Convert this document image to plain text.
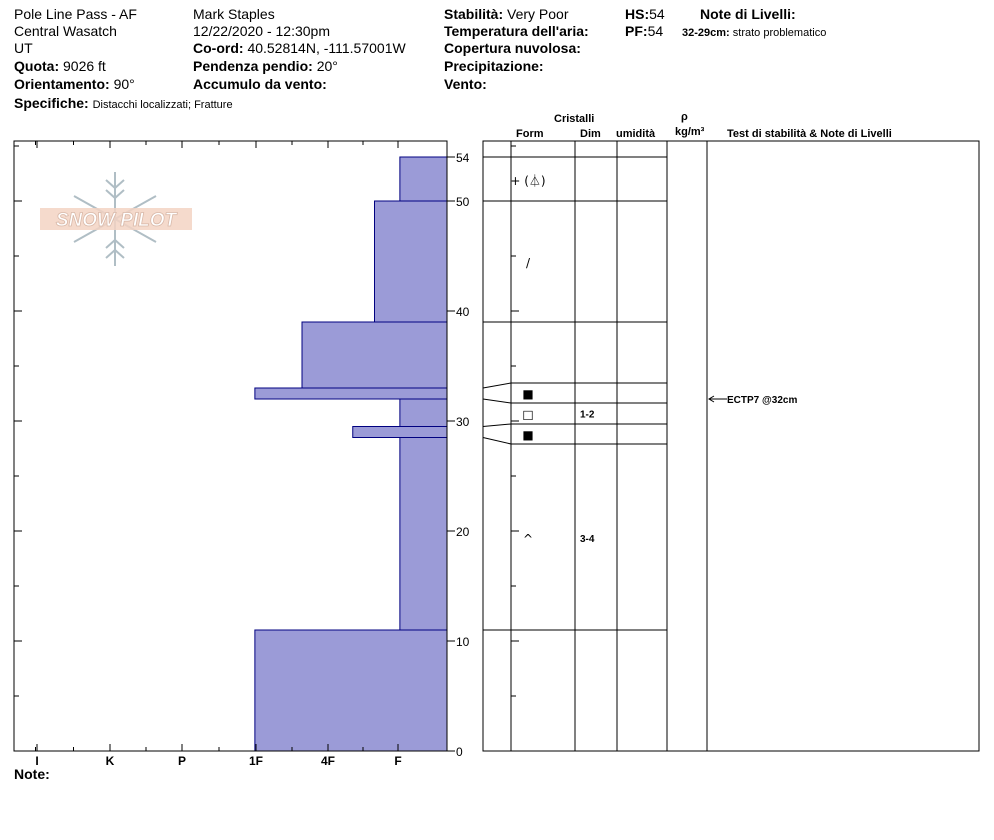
Pole Line Pass - AF
Central Wasatch
UT
Quota: 9026 ft
Orientamento: 90°
Specifiche: Distacchi localizzati; Fratture
Mark Staples
12/22/2020 - 12:30pm
Co-ord: 40.52814N, -111.57001W
Pendenza pendio: 20°
Accumulo da vento:
Stabilità: Very Poor
Temperatura dell'aria:
Copertura nuvolosa:
Precipitazione:
Vento:
HS:54
PF:54
Note di Livelli:
32-29cm: strato problematico
Cristalli
Form	Dim umidità
ρ
kg/m³ Test di stabilità & Note di Livelli
Note:
SNOW PILOT
0
10
20
30
40
50
54
I	K	P	1F	4F	F
+ (⏃)
/
■
□	1-2
■
^	3-4
ECTP7 @32cm
